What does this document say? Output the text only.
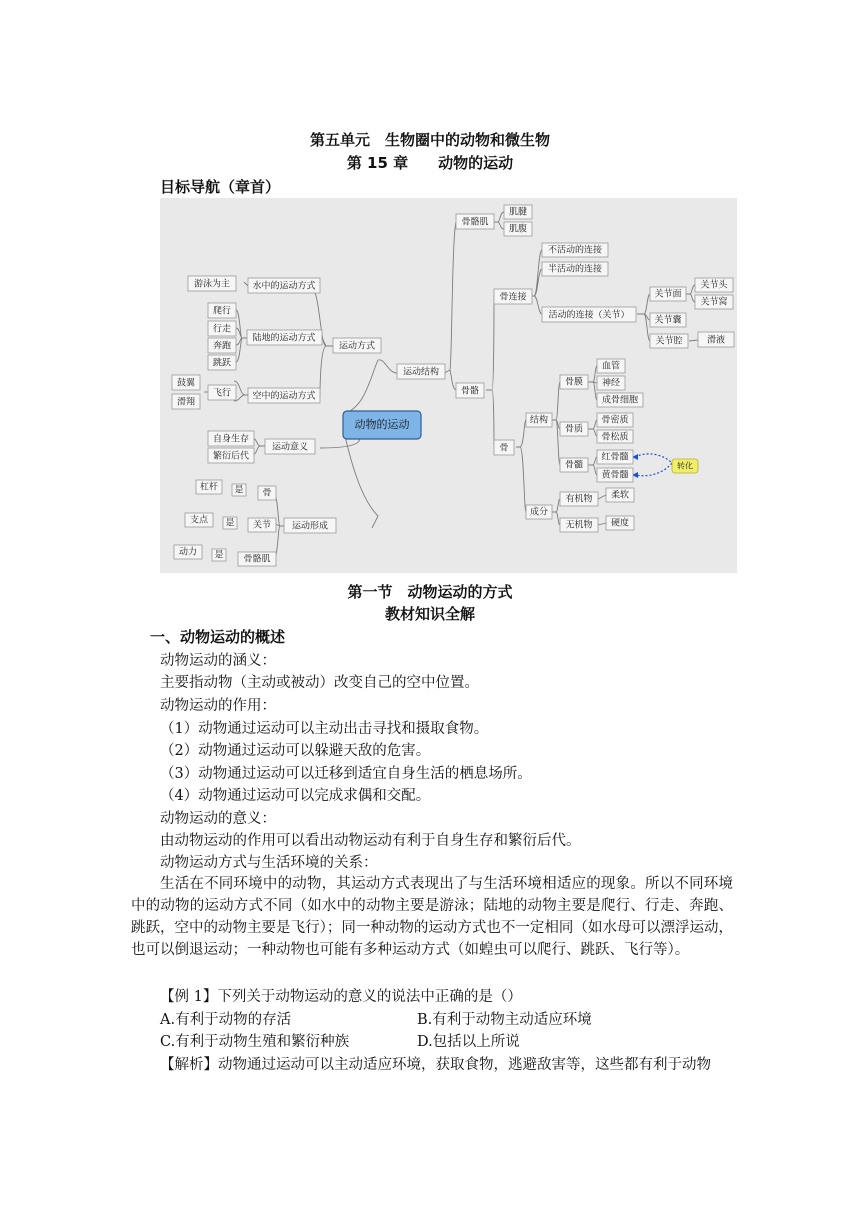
第五单元　生物圈中的动物和微生物
第 15 章　　动物的运动
目标导航（章首）
动物的运动
转化
游泳为主 水中的运动方式
爬行
行走
奔跑
跳跃
陆地的运动方式
鼓翼
滑翔
飞行 空中的运动方式
运动方式
自身生存
繁衍后代
运动意义
杠杆 是 骨
支点 是 关节
动力 是 骨骼肌
运动形成
运动结构
骨骼肌
肌腱
肌腹
骨连接
不活动的连接
半活动的连接
活动的连接（关节）
关节面
关节头
关节窝
关节囊
关节腔	滑液
骨骼
骨
结构
骨膜
血管
神经
成骨细胞
骨质
骨密质
骨松质
骨髓
红骨髓
黄骨髓
成分
有机物 柔软
无机物 硬度
第一节　动物运动的方式
教材知识全解
一、动物运动的概述
动物运动的涵义：
主要指动物（主动或被动）改变自己的空中位置。
动物运动的作用：
（1）动物通过运动可以主动出击寻找和摄取食物。
（2）动物通过运动可以躲避天敌的危害。
（3）动物通过运动可以迁移到适宜自身生活的栖息场所。
（4）动物通过运动可以完成求偶和交配。
动物运动的意义：
由动物运动的作用可以看出动物运动有利于自身生存和繁衍后代。
动物运动方式与生活环境的关系：
生活在不同环境中的动物，其运动方式表现出了与生活环境相适应的现象。所以不同环境中的动物的运动方式不同（如水中的动物主要是游泳；陆地的动物主要是爬行、行走、奔跑、跳跃，空中的动物主要是飞行）；同一种动物的运动方式也不一定相同（如水母可以漂浮运动，也可以倒退运动；一种动物也可能有多种运动方式（如蝗虫可以爬行、跳跃、飞行等）。
【例 1】下列关于动物运动的意义的说法中正确的是（）
A.有利于动物的存活	B.有利于动物主动适应环境
C.有利于动物生殖和繁衍种族	D.包括以上所说
【解析】动物通过运动可以主动适应环境，获取食物，逃避敌害等，这些都有利于动物
